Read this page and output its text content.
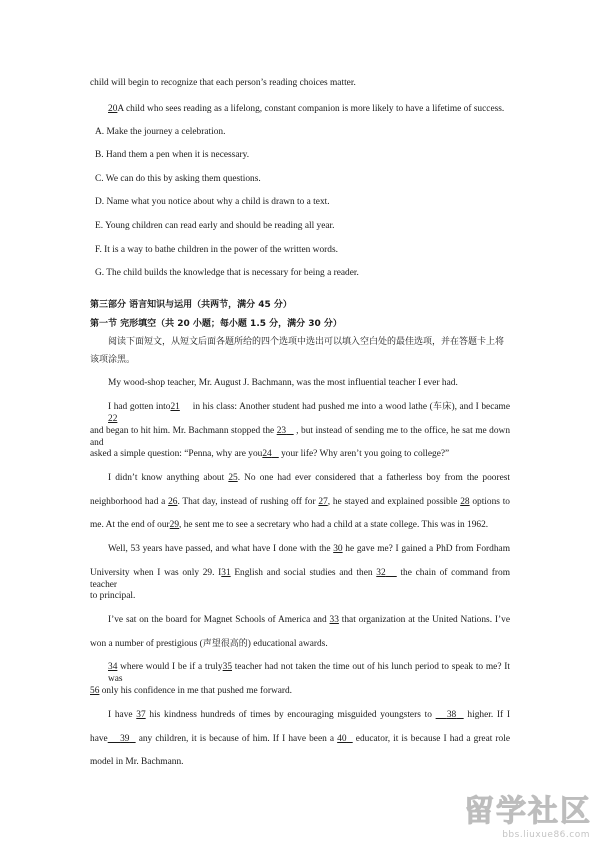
child will begin to recognize that each person’s reading choices matter.
20A child who sees reading as a lifelong, constant companion is more likely to have a lifetime of success.
A. Make the journey a celebration.
B. Hand them a pen when it is necessary.
C. We can do this by asking them questions.
D. Name what you notice about why a child is drawn to a text.
E. Young children can read early and should be reading all year.
F. It is a way to bathe children in the power of the written words.
G. The child builds the knowledge that is necessary for being a reader.
第三部分 语言知识与运用（共两节，满分 45 分）
第一节 完形填空（共 20 小题；每小题 1.5 分，满分 30 分）
阅读下面短文，从短文后面各题所给的四个选项中选出可以填入空白处的最佳选项，并在答题卡上将
该项涂黑。
My wood-shop teacher, Mr. August J. Bachmann, was the most influential teacher I ever had.
I had gotten into21     in his class: Another student had pushed me into a wood lathe (车床), and I became 22
and began to hit him. Mr. Bachmann stopped the 23    , but instead of sending me to the office, he sat me down and
asked a simple question: “Penna, why are you24    your life? Why aren’t you going to college?”
I didn’t know anything about 25. No one had ever considered that a fatherless boy from the poorest
neighborhood had a 26. That day, instead of rushing off for 27, he stayed and explained possible 28 options to
me. At the end of our29, he sent me to see a secretary who had a child at a state college. This was in 1962.
Well, 53 years have passed, and what have I done with the 30 he gave me? I gained a PhD from Fordham
University when I was only 29. I31 English and social studies and then 32    the chain of command from teacher
to principal.
I’ve sat on the board for Magnet Schools of America and 33 that organization at the United Nations. I’ve
won a number of prestigious (声望很高的) educational awards.
34 where would I be if a truly35 teacher had not taken the time out of his lunch period to speak to me? It was
56 only his confidence in me that pushed me forward.
I have 37 his kindness hundreds of times by encouraging misguided youngsters to    38   higher. If I
have 39   any children, it is because of him. If I have been a 40   educator, it is because I had a great role
model in Mr. Bachmann.
留学社区
bbs.liuxue86.com
